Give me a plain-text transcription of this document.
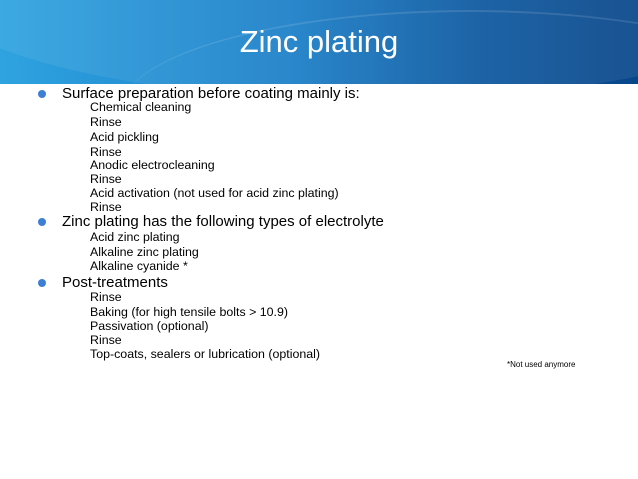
Zinc plating
Surface preparation before coating mainly is:
Chemical cleaning
Rinse
Acid pickling
Rinse
Anodic electrocleaning
Rinse
Acid activation (not used for acid zinc plating)
Rinse
Zinc plating has the following types of electrolyte
Acid zinc plating
Alkaline zinc plating
Alkaline cyanide *
Post-treatments
Rinse
Baking (for high tensile bolts > 10.9)
Passivation (optional)
Rinse
Top-coats, sealers or lubrication (optional)
*Not used anymore
